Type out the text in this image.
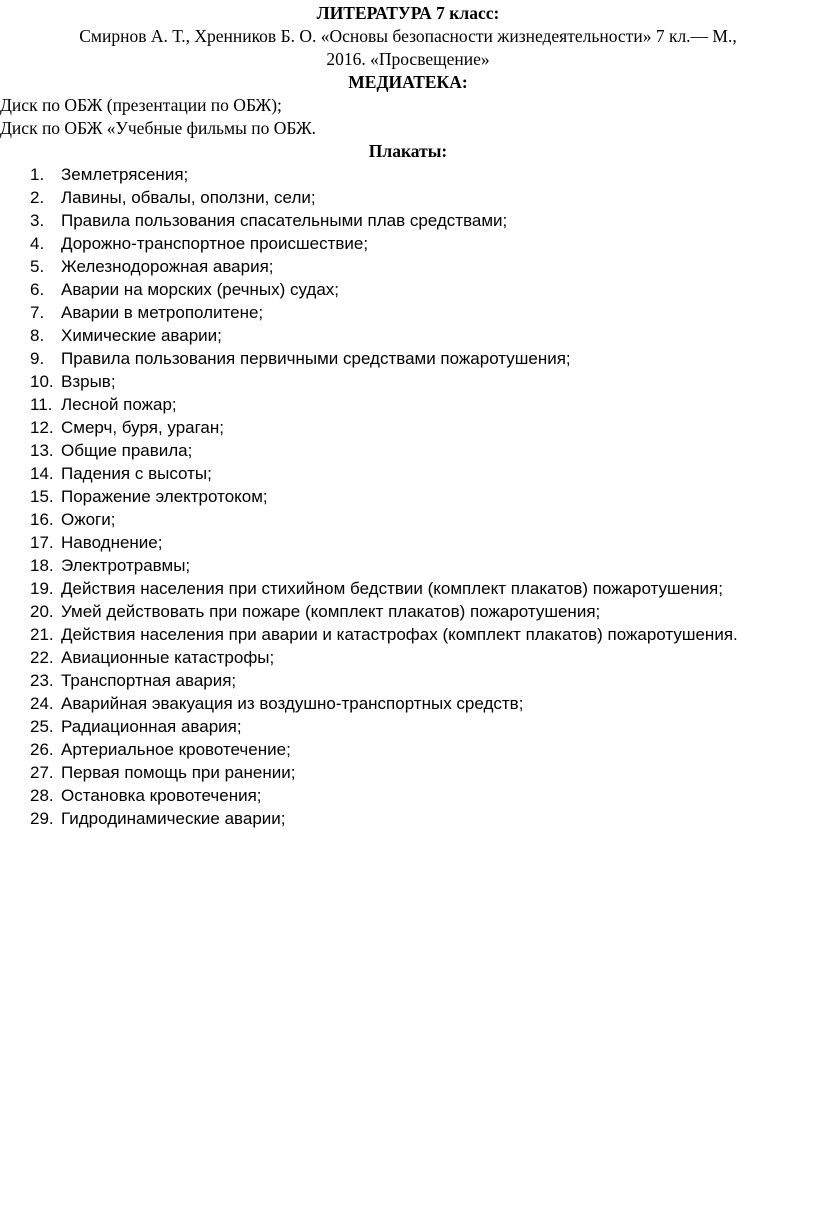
ЛИТЕРАТУРА 7 класс:

Смирнов А. Т., Хренников Б. О. «Основы безопасности жизнедеятельности» 7 кл.— М.,

2016. «Просвещение»

МЕДИАТЕКА:

Диск по ОБЖ (презентации по ОБЖ);

Диск по ОБЖ «Учебные фильмы по ОБЖ.

Плакаты:

1. Землетрясения;
2. Лавины, обвалы, оползни, сели;
3. Правила пользования спасательными плав средствами;
4. Дорожно-транспортное происшествие;
5. Железнодорожная авария;
6. Аварии на морских (речных) судах;
7. Аварии в метрополитене;
8. Химические аварии;
9. Правила пользования первичными средствами пожаротушения;
10. Взрыв;
11. Лесной пожар;
12. Смерч, буря, ураган;
13. Общие правила;
14. Падения с высоты;
15. Поражение электротоком;
16. Ожоги;
17. Наводнение;
18. Электротравмы;
19. Действия населения при стихийном бедствии (комплект плакатов) пожаротушения;
20. Умей действовать при пожаре (комплект плакатов) пожаротушения;
21. Действия населения при аварии и катастрофах (комплект плакатов) пожаротушения.
22. Авиационные катастрофы;
23. Транспортная авария;
24. Аварийная эвакуация из воздушно-транспортных средств;
25. Радиационная авария;
26. Артериальное кровотечение;
27. Первая помощь при ранении;
28. Остановка кровотечения;
29. Гидродинамические аварии;
